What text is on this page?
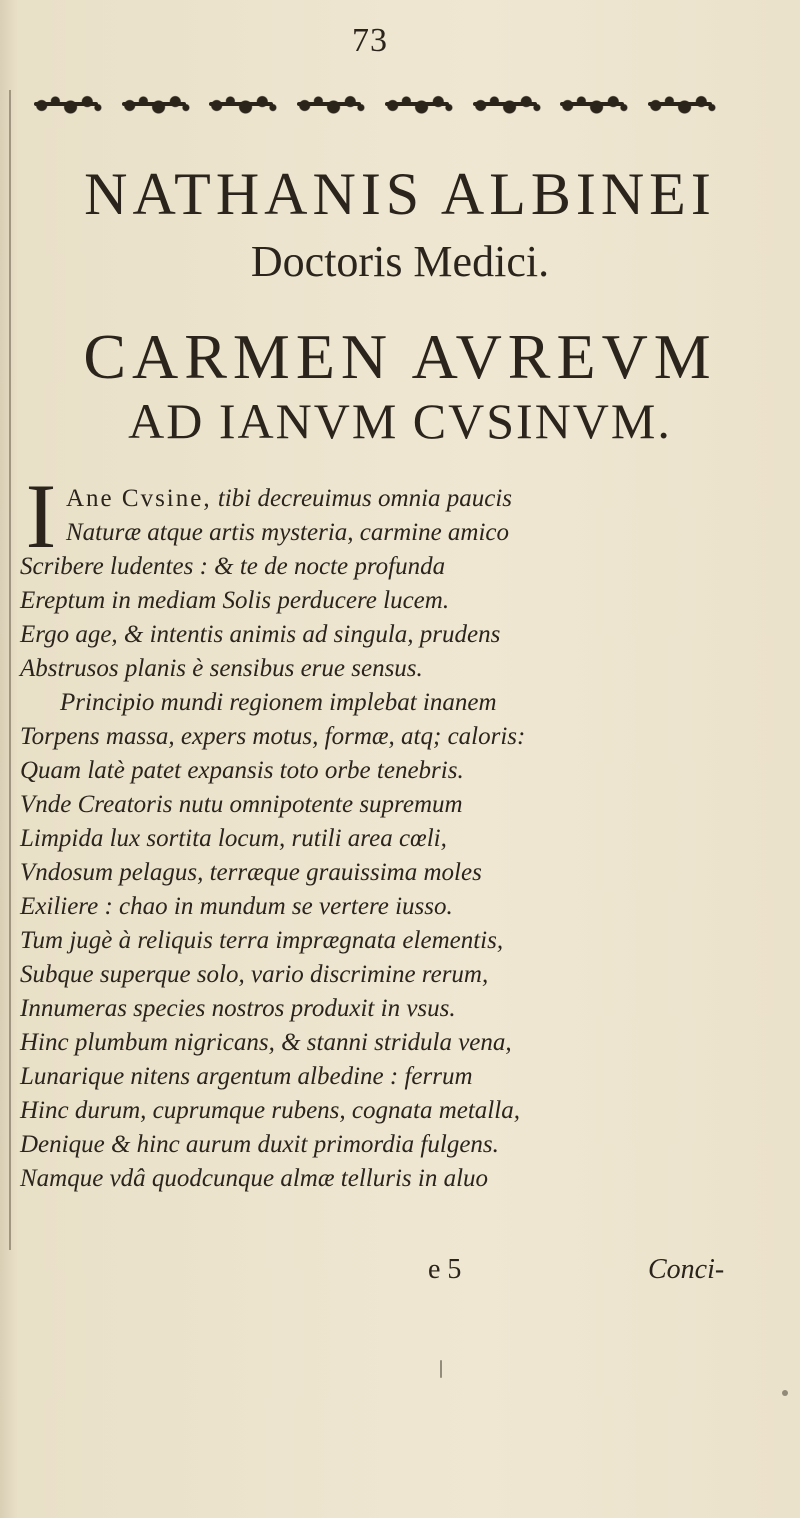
73
NATHANIS ALBINEI
Doctoris Medici.
CARMEN AVREVM
AD IANVM CVSINVM.
I Ane Cvsine, tibi decreuimus omnia paucis
Naturæ atque artis mysteria, carmine amico
Scribere ludentes : & te de nocte profunda
Ereptum in mediam Solis perducere lucem.
Ergo age, & intentis animis ad singula, prudens
Abstrusos planis è sensibus erue sensus.
Principio mundi regionem implebat inanem
Torpens massa, expers motus, formæ, atq; caloris:
Quam latè patet expansis toto orbe tenebris.
Vnde Creatoris nutu omnipotente supremum
Limpida lux sortita locum, rutili area cœli,
Vndosum pelagus, terræque grauissima moles
Exiliere : chao in mundum se vertere iusso.
Tum jugè à reliquis terra imprægnata elementis,
Subque superque solo, vario discrimine rerum,
Innumeras species nostros produxit in vsus.
Hinc plumbum nigricans, & stanni stridula vena,
Lunarique nitens argentum albedine : ferrum
Hinc durum, cuprumque rubens, cognata metalla,
Denique & hinc aurum duxit primordia fulgens.
Namque vdâ quodcunque almæ telluris in aluo
e 5	Conci-
